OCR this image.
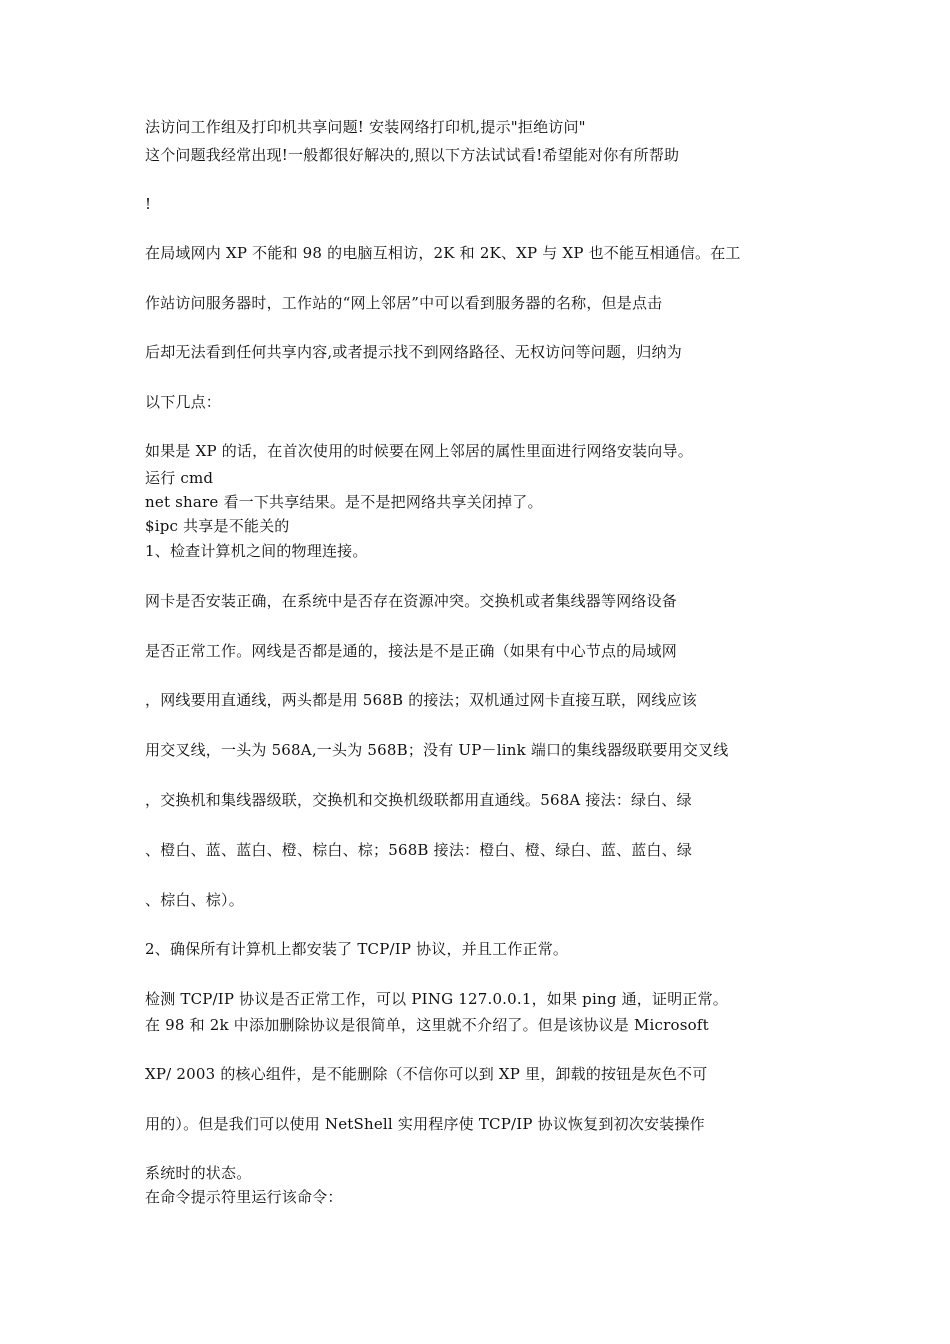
法访问工作组及打印机共享问题! 安装网络打印机,提示"拒绝访问"
这个问题我经常出现!一般都很好解决的,照以下方法试试看!希望能对你有所帮助
!
在局域网内 XP 不能和 98 的电脑互相访，2K 和 2K、XP 与 XP 也不能互相通信。在工
作站访问服务器时，工作站的“网上邻居”中可以看到服务器的名称，但是点击
后却无法看到任何共享内容,或者提示找不到网络路径、无权访问等问题，归纳为
以下几点：
如果是 XP 的话，在首次使用的时候要在网上邻居的属性里面进行网络安装向导。
运行 cmd
net share 看一下共享结果。是不是把网络共享关闭掉了。
$ipc 共享是不能关的
1、检查计算机之间的物理连接。
网卡是否安装正确，在系统中是否存在资源冲突。交换机或者集线器等网络设备
是否正常工作。网线是否都是通的，接法是不是正确（如果有中心节点的局域网
，网线要用直通线，两头都是用 568B 的接法；双机通过网卡直接互联，网线应该
用交叉线，一头为 568A,一头为 568B；没有 UP－link 端口的集线器级联要用交叉线
，交换机和集线器级联，交换机和交换机级联都用直通线。568A 接法：绿白、绿
、橙白、蓝、蓝白、橙、棕白、棕；568B 接法：橙白、橙、绿白、蓝、蓝白、绿
、棕白、棕）。
2、确保所有计算机上都安装了 TCP/IP 协议，并且工作正常。
检测 TCP/IP 协议是否正常工作，可以 PING 127.0.0.1，如果 ping 通，证明正常。
在 98 和 2k 中添加删除协议是很简单，这里就不介绍了。但是该协议是 Microsoft
XP/ 2003 的核心组件，是不能删除（不信你可以到 XP 里，卸载的按钮是灰色不可
用的）。但是我们可以使用 NetShell 实用程序使 TCP/IP 协议恢复到初次安装操作
系统时的状态。
在命令提示符里运行该命令：
